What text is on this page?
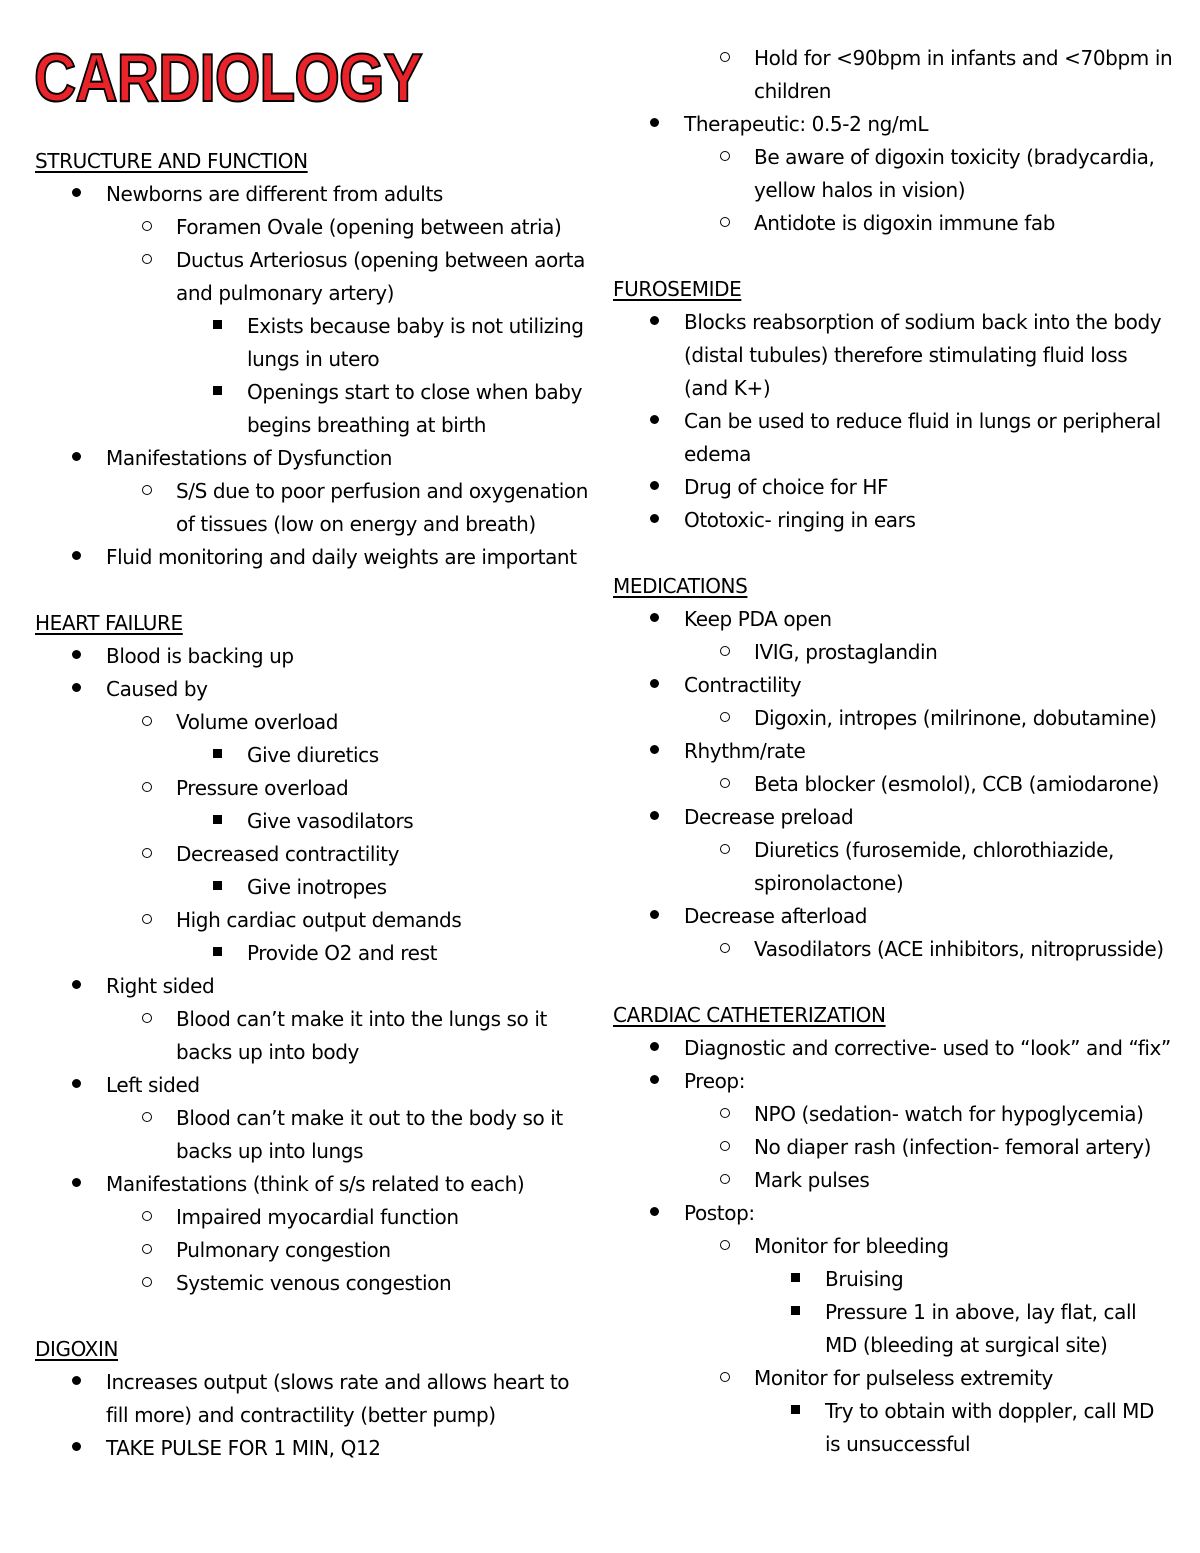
CARDIOLOGY
STRUCTURE AND FUNCTION
Newborns are different from adults
Foramen Ovale (opening between atria)
Ductus Arteriosus (opening between aorta and pulmonary artery)
Exists because baby is not utilizing lungs in utero
Openings start to close when baby begins breathing at birth
Manifestations of Dysfunction
S/S due to poor perfusion and oxygenation of tissues (low on energy and breath)
Fluid monitoring and daily weights are important
HEART FAILURE
Blood is backing up
Caused by
Volume overload
Give diuretics
Pressure overload
Give vasodilators
Decreased contractility
Give inotropes
High cardiac output demands
Provide O2 and rest
Right sided
Blood can’t make it into the lungs so it backs up into body
Left sided
Blood can’t make it out to the body so it backs up into lungs
Manifestations (think of s/s related to each)
Impaired myocardial function
Pulmonary congestion
Systemic venous congestion
DIGOXIN
Increases output (slows rate and allows heart to fill more) and contractility (better pump)
TAKE PULSE FOR 1 MIN, Q12
Hold for <90bpm in infants and <70bpm in children
Therapeutic: 0.5-2 ng/mL
Be aware of digoxin toxicity (bradycardia, yellow halos in vision)
Antidote is digoxin immune fab
FUROSEMIDE
Blocks reabsorption of sodium back into the body (distal tubules) therefore stimulating fluid loss (and K+)
Can be used to reduce fluid in lungs or peripheral edema
Drug of choice for HF
Ototoxic- ringing in ears
MEDICATIONS
Keep PDA open
IVIG, prostaglandin
Contractility
Digoxin, intropes (milrinone, dobutamine)
Rhythm/rate
Beta blocker (esmolol), CCB (amiodarone)
Decrease preload
Diuretics (furosemide, chlorothiazide, spironolactone)
Decrease afterload
Vasodilators (ACE inhibitors, nitroprusside)
CARDIAC CATHETERIZATION
Diagnostic and corrective- used to “look” and “fix”
Preop:
NPO (sedation- watch for hypoglycemia)
No diaper rash (infection- femoral artery)
Mark pulses
Postop:
Monitor for bleeding
Bruising
Pressure 1 in above, lay flat, call MD (bleeding at surgical site)
Monitor for pulseless extremity
Try to obtain with doppler, call MD is unsuccessful
